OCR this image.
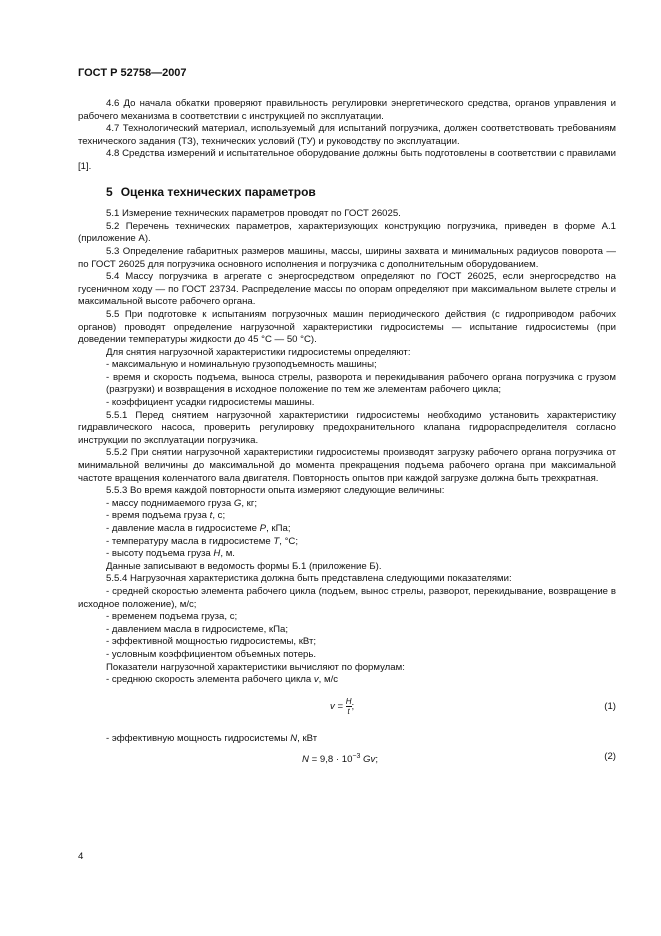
ГОСТ Р 52758—2007

4.6 До начала обкатки проверяют правильность регулировки энергетического средства, органов управления и рабочего механизма в соответствии с инструкцией по эксплуатации.

4.7 Технологический материал, используемый для испытаний погрузчика, должен соответствовать требованиям технического задания (ТЗ), технических условий (ТУ) и руководству по эксплуатации.

4.8 Средства измерений и испытательное оборудование должны быть подготовлены в соответствии с правилами [1].

5 Оценка технических параметров

5.1 Измерение технических параметров проводят по ГОСТ 26025.

5.2 Перечень технических параметров, характеризующих конструкцию погрузчика, приведен в форме А.1 (приложение А).

5.3 Определение габаритных размеров машины, массы, ширины захвата и минимальных радиусов поворота — по ГОСТ 26025 для погрузчика основного исполнения и погрузчика с дополнительным оборудованием.

5.4 Массу погрузчика в агрегате с энергосредством определяют по ГОСТ 26025, если энергосредство на гусеничном ходу — по ГОСТ 23734. Распределение массы по опорам определяют при максимальном вылете стрелы и максимальной высоте рабочего органа.

5.5 При подготовке к испытаниям погрузочных машин периодического действия (с гидроприводом рабочих органов) проводят определение нагрузочной характеристики гидросистемы — испытание гидросистемы (при доведении температуры жидкости до 45 °С — 50 °С).

Для снятия нагрузочной характеристики гидросистемы определяют:

- максимальную и номинальную грузоподъемность машины;

- время и скорость подъема, выноса стрелы, разворота и перекидывания рабочего органа погрузчика с грузом (разгрузки) и возвращения в исходное положение по тем же элементам рабочего цикла;

- коэффициент усадки гидросистемы машины.

5.5.1 Перед снятием нагрузочной характеристики гидросистемы необходимо установить характеристику гидравлического насоса, проверить регулировку предохранительного клапана гидрораспределителя согласно инструкции по эксплуатации погрузчика.

5.5.2 При снятии нагрузочной характеристики гидросистемы производят загрузку рабочего органа погрузчика от минимальной величины до максимальной до момента прекращения подъема рабочего органа при максимальной частоте вращения коленчатого вала двигателя. Повторность опытов при каждой загрузке должна быть трехкратная.

5.5.3 Во время каждой повторности опыта измеряют следующие величины:

- массу поднимаемого груза G, кг;

- время подъема груза t, с;

- давление масла в гидросистеме P, кПа;

- температуру масла в гидросистеме T, °С;

- высоту подъема груза H, м.

Данные записывают в ведомость формы Б.1 (приложение Б).

5.5.4 Нагрузочная характеристика должна быть представлена следующими показателями:

- средней скоростью элемента рабочего цикла (подъем, вынос стрелы, разворот, перекидывание, возвращение в исходное положение), м/с;

- временем подъема груза, с;

- давлением масла в гидросистеме, кПа;

- эффективной мощностью гидросистемы, кВт;

- условным коэффициентом объемных потерь.

Показатели нагрузочной характеристики вычисляют по формулам:

- среднюю скорость элемента рабочего цикла v, м/с

$v = \frac{H}{t}$ ;	(1)

- эффективную мощность гидросистемы N, кВт

$N = 9,8 \cdot 10^{-3}$ Gv;	(2)
4
